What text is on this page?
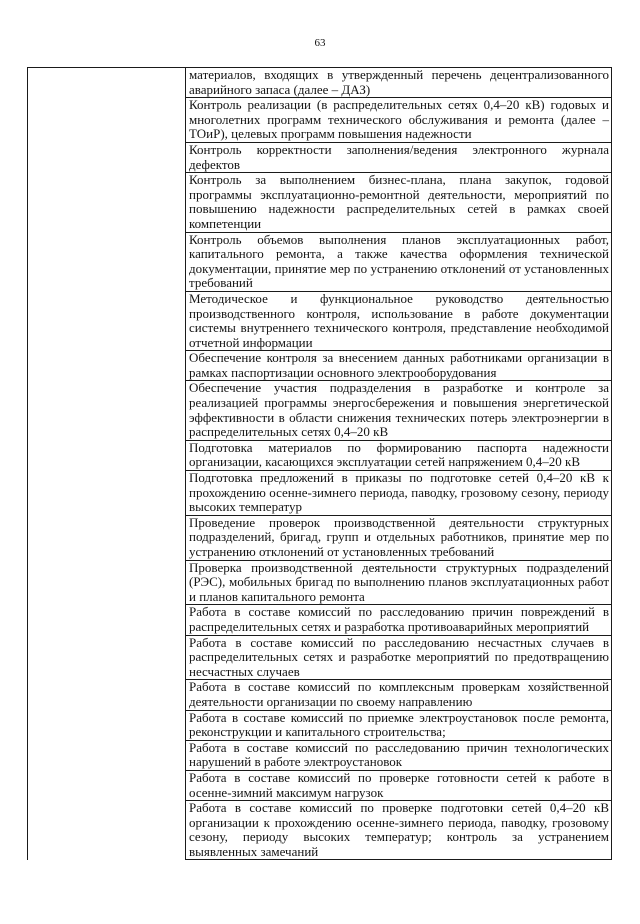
63
	материалов, входящих в утвержденный перечень децентрализованного аварийного запаса (далее – ДАЗ)
Контроль реализации (в распределительных сетях 0,4–20 кВ) годовых и многолетних программ технического обслуживания и ремонта (далее – ТОиР), целевых программ повышения надежности
Контроль корректности заполнения/ведения электронного журнала дефектов
Контроль за выполнением бизнес-плана, плана закупок, годовой программы эксплуатационно-ремонтной деятельности, мероприятий по повышению надежности распределительных сетей в рамках своей компетенции
Контроль объемов выполнения планов эксплуатационных работ, капитального ремонта, а также качества оформления технической документации, принятие мер по устранению отклонений от установленных требований
Методическое и функциональное руководство деятельностью производственного контроля, использование в работе документации системы внутреннего технического контроля, представление необходимой отчетной информации
Обеспечение контроля за внесением данных работниками организации в рамках паспортизации основного электрооборудования
Обеспечение участия подразделения в разработке и контроле за реализацией программы энергосбережения и повышения энергетической эффективности в области снижения технических потерь электроэнергии в распределительных сетях 0,4–20 кВ
Подготовка материалов по формированию паспорта надежности организации, касающихся эксплуатации сетей напряжением 0,4–20 кВ
Подготовка предложений в приказы по подготовке сетей 0,4–20 кВ к прохождению осенне-зимнего периода, паводку, грозовому сезону, периоду высоких температур
Проведение проверок производственной деятельности структурных подразделений, бригад, групп и отдельных работников, принятие мер по устранению отклонений от установленных требований
Проверка производственной деятельности структурных подразделений (РЭС), мобильных бригад по выполнению планов эксплуатационных работ и планов капитального ремонта
Работа в составе комиссий по расследованию причин повреждений в распределительных сетях и разработка противоаварийных мероприятий
Работа в составе комиссий по расследованию несчастных случаев в распределительных сетях и разработке мероприятий по предотвращению несчастных случаев
Работа в составе комиссий по комплексным проверкам хозяйственной деятельности организации по своему направлению
Работа в составе комиссий по приемке электроустановок после ремонта, реконструкции и капитального строительства;
Работа в составе комиссий по расследованию причин технологических нарушений в работе электроустановок
Работа в составе комиссий по проверке готовности сетей к работе в осенне-зимний максимум нагрузок
Работа в составе комиссий по проверке подготовки сетей 0,4–20 кВ организации к прохождению осенне-зимнего периода, паводку, грозовому сезону, периоду высоких температур; контроль за устранением выявленных замечаний
